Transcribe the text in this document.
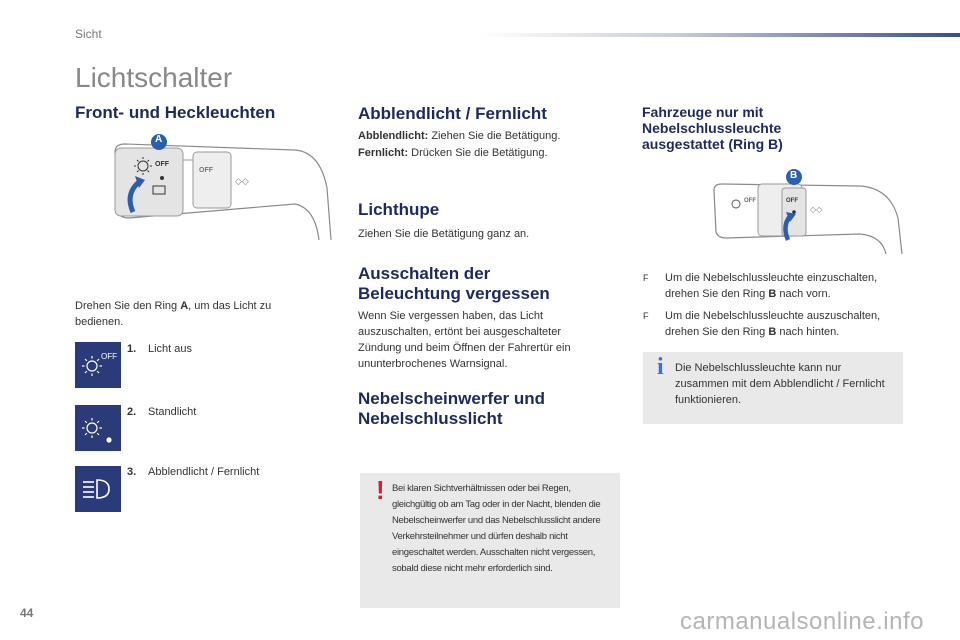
Sicht
Lichtschalter
Front- und Heckleuchten
OFF
OFF
◇◇
A

Drehen Sie den Ring A, um das Licht zu bedienen.

OFF
1.	Licht aus
2. Standlicht
3. Abblendlicht / Fernlicht
Abblendlicht / Fernlicht

Abblendlicht: Ziehen Sie die Betätigung.

Fernlicht: Drücken Sie die Betätigung.

Lichthupe

Ziehen Sie die Betätigung ganz an.

Ausschalten der
Beleuchtung vergessen

Wenn Sie vergessen haben, das Licht auszuschalten, ertönt bei ausgeschalteter Zündung und beim Öffnen der Fahrertür ein ununterbrochenes Warnsignal.

Nebelscheinwerfer und
Nebelschlusslicht
! Bei klaren Sichtverhältnissen oder bei Regen, gleichgültig ob am Tag oder in der Nacht, blenden die Nebelscheinwerfer und das Nebelschlusslicht andere Verkehrsteilnehmer und dürfen deshalb nicht eingeschaltet werden. Ausschalten nicht vergessen, sobald diese nicht mehr erforderlich sind.

Fahrzeuge nur mit
Nebelschlussleuchte
ausgestattet (Ring B)
OFF	OFF
◇◇
B
F Um die Nebelschlussleuchte einzuschalten, drehen Sie den Ring B nach vorn.
F Um die Nebelschlussleuchte auszuschalten, drehen Sie den Ring B nach hinten.
i Die Nebelschlussleuchte kann nur zusammen mit dem Abblendlicht / Fernlicht funktionieren.

44	carmanualsonline.info
